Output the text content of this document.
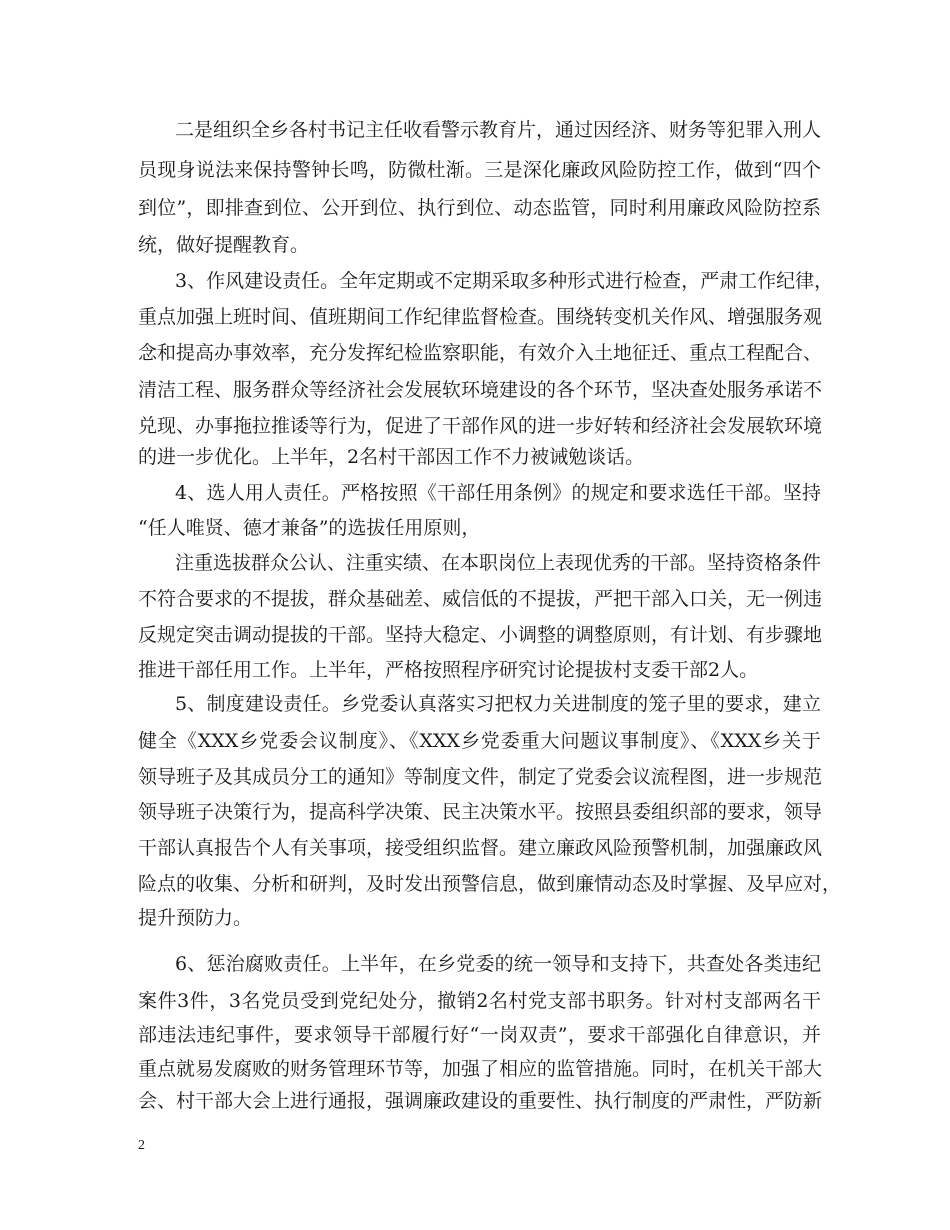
二是组织全乡各村书记主任收看警示教育片，通过因经济、财务等犯罪入刑人
员现身说法来保持警钟长鸣，防微杜渐。三是深化廉政风险防控工作，做到“四个
到位”，即排查到位、公开到位、执行到位、动态监管，同时利用廉政风险防控系
统，做好提醒教育。
3、作风建设责任。全年定期或不定期采取多种形式进行检查，严肃工作纪律，
重点加强上班时间、值班期间工作纪律监督检查。围绕转变机关作风、增强服务观
念和提高办事效率，充分发挥纪检监察职能，有效介入土地征迁、重点工程配合、
清洁工程、服务群众等经济社会发展软环境建设的各个环节，坚决查处服务承诺不
兑现、办事拖拉推诿等行为，促进了干部作风的进一步好转和经济社会发展软环境
的进一步优化。上半年，2名村干部因工作不力被诫勉谈话。
4、选人用人责任。严格按照《干部任用条例》的规定和要求选任干部。坚持
“任人唯贤、德才兼备”的选拔任用原则，
注重选拔群众公认、注重实绩、在本职岗位上表现优秀的干部。坚持资格条件
不符合要求的不提拔，群众基础差、威信低的不提拔，严把干部入口关，无一例违
反规定突击调动提拔的干部。坚持大稳定、小调整的调整原则，有计划、有步骤地
推进干部任用工作。上半年，严格按照程序研究讨论提拔村支委干部2人。
5、制度建设责任。乡党委认真落实习把权力关进制度的笼子里的要求，建立
健全《XXX乡党委会议制度》、《XXX乡党委重大问题议事制度》、《XXX乡关于
领导班子及其成员分工的通知》等制度文件，制定了党委会议流程图，进一步规范
领导班子决策行为，提高科学决策、民主决策水平。按照县委组织部的要求，领导
干部认真报告个人有关事项，接受组织监督。建立廉政风险预警机制，加强廉政风
险点的收集、分析和研判，及时发出预警信息，做到廉情动态及时掌握、及早应对，
提升预防力。
6、惩治腐败责任。上半年，在乡党委的统一领导和支持下，共查处各类违纪
案件3件，3名党员受到党纪处分，撤销2名村党支部书职务。针对村支部两名干
部违法违纪事件，要求领导干部履行好“一岗双责”，要求干部强化自律意识，并
重点就易发腐败的财务管理环节等，加强了相应的监管措施。同时，在机关干部大
会、村干部大会上进行通报，强调廉政建设的重要性、执行制度的严肃性，严防新
2
